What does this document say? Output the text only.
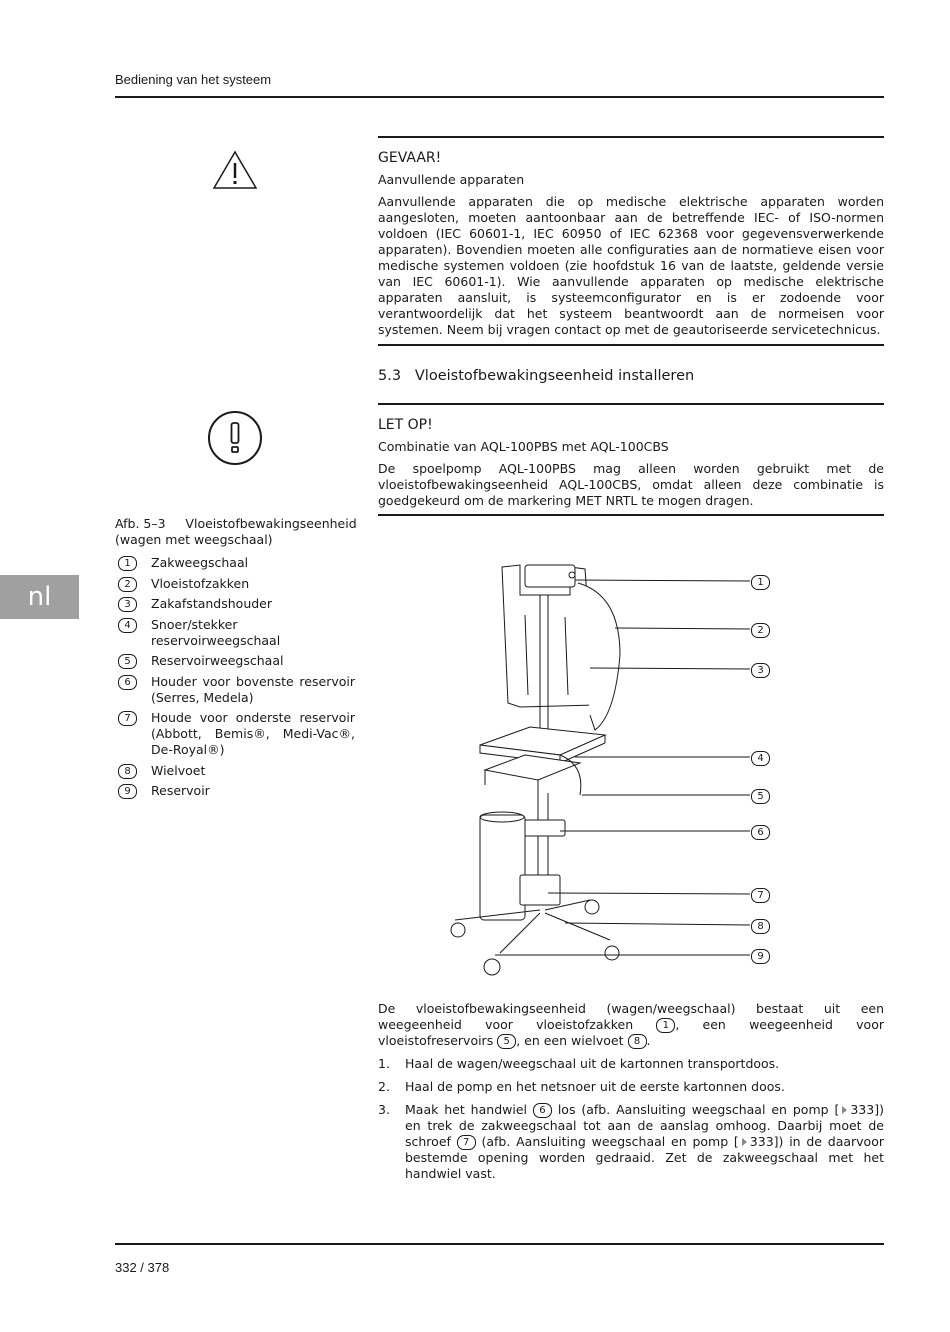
Bediening van het systeem
nl
GEVAAR!
Aanvullende apparaten
Aanvullende apparaten die op medische elektrische apparaten worden aangesloten, moeten aantoonbaar aan de betreffende IEC- of ISO-normen voldoen (IEC 60601-1, IEC 60950 of IEC 62368 voor gegevensverwerkende apparaten). Bovendien moeten alle configuraties aan de normatieve eisen voor medische systemen voldoen (zie hoofdstuk 16 van de laatste, geldende versie van IEC 60601-1). Wie aanvullende apparaten op medische elektrische apparaten aansluit, is systeemconfigurator en is er zodoende voor verantwoordelijk dat het systeem beantwoordt aan de normeisen voor systemen. Neem bij vragen contact op met de geautoriseerde servicetechnicus.
5.3 Vloeistofbewakingseenheid installeren
LET OP!
Combinatie van AQL-100PBS met AQL-100CBS
De spoelpomp AQL-100PBS mag alleen worden gebruikt met de vloeistofbewakingseenheid AQL-100CBS, omdat alleen deze combinatie is goedgekeurd om de markering MET NRTL te mogen dragen.
Afb. 5–3 Vloeistofbewakingseenheid (wagen met weegschaal)
1	Zakweegschaal
2	Vloeistofzakken
3	Zakafstandshouder
4	Snoer/stekker reservoirweegschaal
5	Reservoirweegschaal
6	Houder voor bovenste reservoir (Serres, Medela)
7	Houde voor onderste reservoir (Abbott, Bemis®, Medi-Vac®, De-Royal®)
8	Wielvoet
9	Reservoir
1
2
3
4
5
6
7
8
9
De vloeistofbewakingseenheid (wagen/weegschaal) bestaat uit een weegeenheid voor vloeistofzakken	1 , een weegeenheid voor vloeistofreservoirs 5 , en een wielvoet 8 .
1. Haal de wagen/weegschaal uit de kartonnen transportdoos.
2. Haal de pomp en het netsnoer uit de eerste kartonnen doos.
3. Maak het handwiel 6 los (afb. Aansluiting weegschaal en pomp [ 333]) en trek de zakweegschaal tot aan de aanslag omhoog. Daarbij moet de schroef 7 (afb. Aansluiting weegschaal en pomp [ 333]) in de daarvoor bestemde opening worden gedraaid. Zet de zakweegschaal met het handwiel vast.
332 / 378
